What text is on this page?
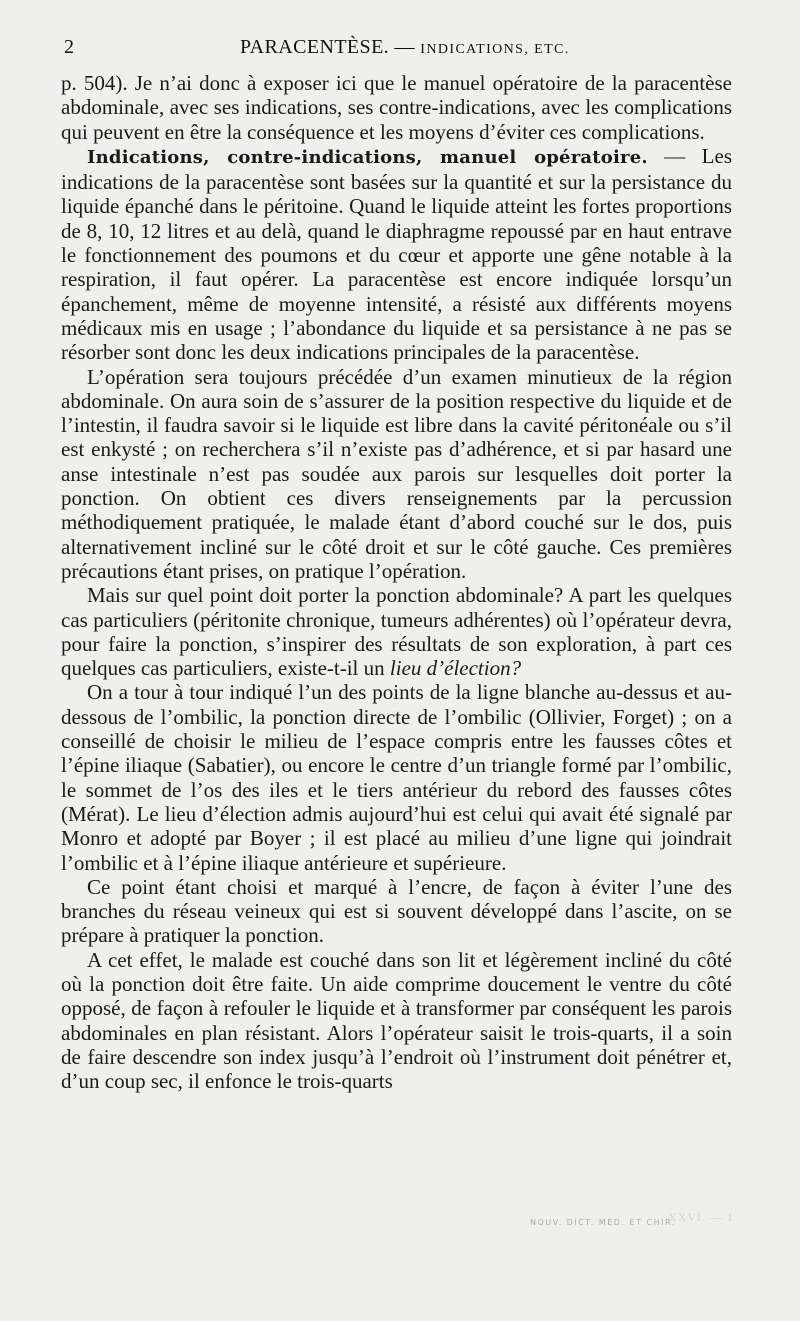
2	PARACENTÈSE. — INDICATIONS, ETC.

p. 504). Je n’ai donc à exposer ici que le manuel opératoire de la paracentèse abdominale, avec ses indications, ses contre-indications, avec les complications qui peuvent en être la conséquence et les moyens d’éviter ces complications.

Indications, contre-indications, manuel opératoire. — Les indications de la paracentèse sont basées sur la quantité et sur la persistance du liquide épanché dans le péritoine. Quand le liquide atteint les fortes proportions de 8, 10, 12 litres et au delà, quand le diaphragme repoussé par en haut entrave le fonctionnement des poumons et du cœur et apporte une gêne notable à la respiration, il faut opérer. La paracentèse est encore indiquée lorsqu’un épanchement, même de moyenne intensité, a résisté aux différents moyens médicaux mis en usage ; l’abondance du liquide et sa persistance à ne pas se résorber sont donc les deux indications principales de la paracentèse.

L’opération sera toujours précédée d’un examen minutieux de la région abdominale. On aura soin de s’assurer de la position respective du liquide et de l’intestin, il faudra savoir si le liquide est libre dans la cavité péritonéale ou s’il est enkysté ; on recherchera s’il n’existe pas d’adhérence, et si par hasard une anse intestinale n’est pas soudée aux parois sur lesquelles doit porter la ponction. On obtient ces divers renseignements par la percussion méthodiquement pratiquée, le malade étant d’abord couché sur le dos, puis alternativement incliné sur le côté droit et sur le côté gauche. Ces premières précautions étant prises, on pratique l’opération.

Mais sur quel point doit porter la ponction abdominale? A part les quelques cas particuliers (péritonite chronique, tumeurs adhérentes) où l’opérateur devra, pour faire la ponction, s’inspirer des résultats de son exploration, à part ces quelques cas particuliers, existe-t-il un lieu d’élection?

On a tour à tour indiqué l’un des points de la ligne blanche au-dessus et au-dessous de l’ombilic, la ponction directe de l’ombilic (Ollivier, Forget) ; on a conseillé de choisir le milieu de l’espace compris entre les fausses côtes et l’épine iliaque (Sabatier), ou encore le centre d’un triangle formé par l’ombilic, le sommet de l’os des iles et le tiers antérieur du rebord des fausses côtes (Mérat). Le lieu d’élection admis aujourd’hui est celui qui avait été signalé par Monro et adopté par Boyer ; il est placé au milieu d’une ligne qui joindrait l’ombilic et à l’épine iliaque antérieure et supérieure.

Ce point étant choisi et marqué à l’encre, de façon à éviter l’une des branches du réseau veineux qui est si souvent développé dans l’ascite, on se prépare à pratiquer la ponction.

A cet effet, le malade est couché dans son lit et légèrement incliné du côté où la ponction doit être faite. Un aide comprime doucement le ventre du côté opposé, de façon à refouler le liquide et à transformer par conséquent les parois abdominales en plan résistant. Alors l’opérateur saisit le trois-quarts, il a soin de faire descendre son index jusqu’à l’endroit où l’instrument doit pénétrer et, d’un coup sec, il enfonce le trois-quarts

XXVI. — 1
NOUV. DICT. MÉD. ET CHIR.
